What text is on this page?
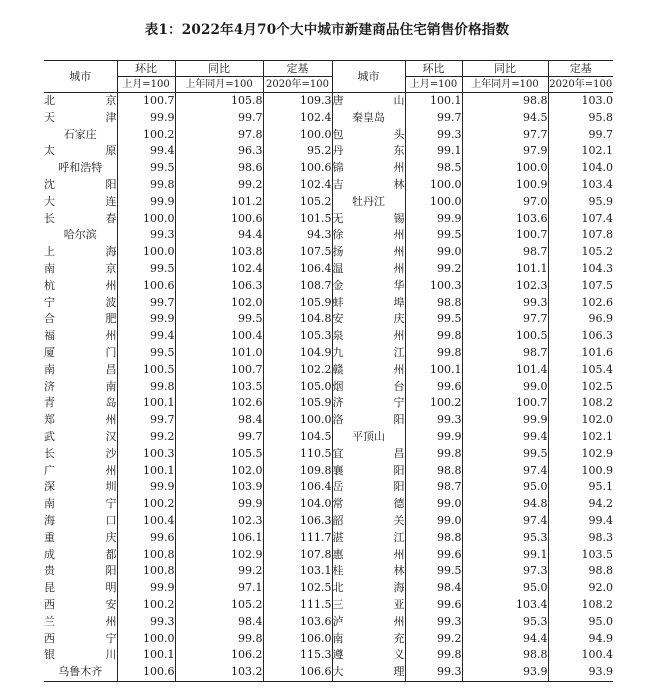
表1：2022年4月70个大中城市新建商品住宅销售价格指数
城市	环比	同比	定基	城市	环比	同比	定基
	上月=100	上年同月=100	2020年=100		上月=100	上年同月=100	2020年=100
北京	100.7	105.8	109.3	唐山	100.1	98.8	103.0
天津	99.9	99.7	102.4	秦皇岛	99.7	94.5	95.8
石家庄	100.2	97.8	100.0	包头	99.3	97.7	99.7
太原	99.4	96.3	95.2	丹东	99.1	97.9	102.1
呼和浩特	99.5	98.6	100.6	锦州	98.5	100.0	104.0
沈阳	99.8	99.2	102.4	吉林	100.0	100.9	103.4
大连	99.9	101.2	105.2	牡丹江	100.0	97.0	95.9
长春	100.0	100.6	101.5	无锡	99.9	103.6	107.4
哈尔滨	99.3	94.4	94.3	徐州	99.5	100.7	107.8
上海	100.0	103.8	107.5	扬州	99.0	98.7	105.2
南京	99.5	102.4	106.4	温州	99.2	101.1	104.3
杭州	100.6	106.3	108.7	金华	100.3	102.3	107.5
宁波	99.7	102.0	105.9	蚌埠	98.8	99.3	102.6
合肥	99.9	99.5	104.8	安庆	99.5	97.7	96.9
福州	99.4	100.4	105.3	泉州	99.8	100.5	106.3
厦门	99.5	101.0	104.9	九江	99.8	98.7	101.6
南昌	100.5	100.7	102.2	赣州	100.1	101.4	105.4
济南	99.8	103.5	105.0	烟台	99.6	99.0	102.5
青岛	100.1	102.6	105.9	济宁	100.2	100.7	108.2
郑州	99.7	98.4	100.0	洛阳	99.3	99.9	102.0
武汉	99.2	99.7	104.5	平顶山	99.9	99.4	102.1
长沙	100.3	105.5	110.5	宜昌	99.8	99.5	102.9
广州	100.1	102.0	109.8	襄阳	98.8	97.4	100.9
深圳	99.9	103.9	106.4	岳阳	98.7	95.0	95.1
南宁	100.2	99.9	104.0	常德	99.0	94.8	94.2
海口	100.4	102.3	106.3	韶关	99.0	97.4	99.4
重庆	99.6	106.1	111.7	湛江	98.8	95.3	98.3
成都	100.8	102.9	107.8	惠州	99.6	99.1	103.5
贵阳	100.8	99.2	103.1	桂林	99.5	97.3	98.8
昆明	99.9	97.1	102.5	北海	98.4	95.0	92.0
西安	100.2	105.2	111.5	三亚	99.6	103.4	108.2
兰州	99.3	98.4	103.6	泸州	99.3	95.3	95.0
西宁	100.0	99.8	106.0	南充	99.2	94.4	94.9
银川	100.1	106.2	115.3	遵义	99.8	98.8	100.4
乌鲁木齐	100.6	103.2	106.6	大理	99.3	93.9	93.9
